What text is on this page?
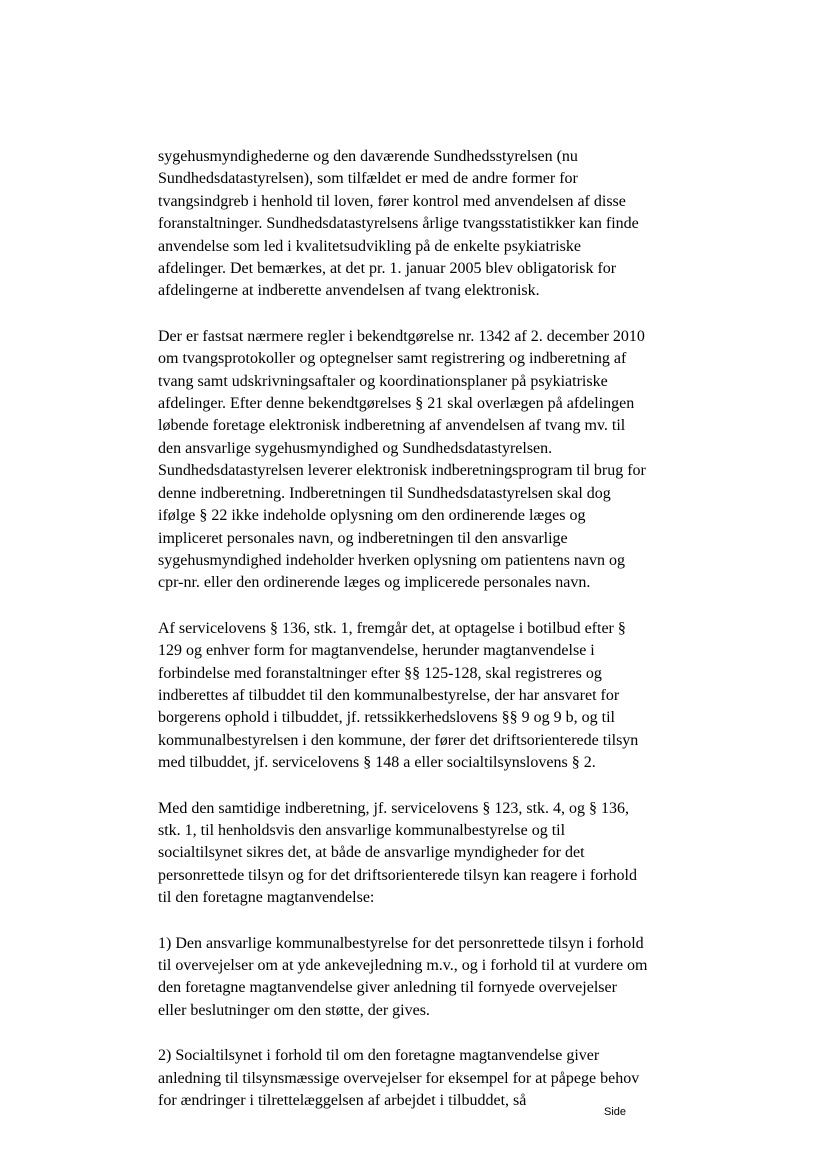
sygehusmyndighederne og den daværende Sundhedsstyrelsen (nu
Sundhedsdatastyrelsen), som tilfældet er med de andre former for
tvangsindgreb i henhold til loven, fører kontrol med anvendelsen af disse
foranstaltninger. Sundhedsdatastyrelsens årlige tvangsstatistikker kan finde
anvendelse som led i kvalitetsudvikling på de enkelte psykiatriske
afdelinger. Det bemærkes, at det pr. 1. januar 2005 blev obligatorisk for
afdelingerne at indberette anvendelsen af tvang elektronisk.
Der er fastsat nærmere regler i bekendtgørelse nr. 1342 af 2. december 2010
om tvangsprotokoller og optegnelser samt registrering og indberetning af
tvang samt udskrivningsaftaler og koordinationsplaner på psykiatriske
afdelinger. Efter denne bekendtgørelses § 21 skal overlægen på afdelingen
løbende foretage elektronisk indberetning af anvendelsen af tvang mv. til
den ansvarlige sygehusmyndighed og Sundhedsdatastyrelsen.
Sundhedsdatastyrelsen leverer elektronisk indberetningsprogram til brug for
denne indberetning. Indberetningen til Sundhedsdatastyrelsen skal dog
ifølge § 22 ikke indeholde oplysning om den ordinerende læges og
impliceret personales navn, og indberetningen til den ansvarlige
sygehusmyndighed indeholder hverken oplysning om patientens navn og
cpr-nr. eller den ordinerende læges og implicerede personales navn.
Af servicelovens § 136, stk. 1, fremgår det, at optagelse i botilbud efter §
129 og enhver form for magtanvendelse, herunder magtanvendelse i
forbindelse med foranstaltninger efter §§ 125-128, skal registreres og
indberettes af tilbuddet til den kommunalbestyrelse, der har ansvaret for
borgerens ophold i tilbuddet, jf. retssikkerhedslovens §§ 9 og 9 b, og til
kommunalbestyrelsen i den kommune, der fører det driftsorienterede tilsyn
med tilbuddet, jf. servicelovens § 148 a eller socialtilsynslovens § 2.
Med den samtidige indberetning, jf. servicelovens § 123, stk. 4, og § 136,
stk. 1, til henholdsvis den ansvarlige kommunalbestyrelse og til
socialtilsynet sikres det, at både de ansvarlige myndigheder for det
personrettede tilsyn og for det driftsorienterede tilsyn kan reagere i forhold
til den foretagne magtanvendelse:
1) Den ansvarlige kommunalbestyrelse for det personrettede tilsyn i forhold
til overvejelser om at yde ankevejledning m.v., og i forhold til at vurdere om
den foretagne magtanvendelse giver anledning til fornyede overvejelser
eller beslutninger om den støtte, der gives.
2) Socialtilsynet i forhold til om den foretagne magtanvendelse giver
anledning til tilsynsmæssige overvejelser for eksempel for at påpege behov
for ændringer i tilrettelæggelsen af arbejdet i tilbuddet, så
Side
